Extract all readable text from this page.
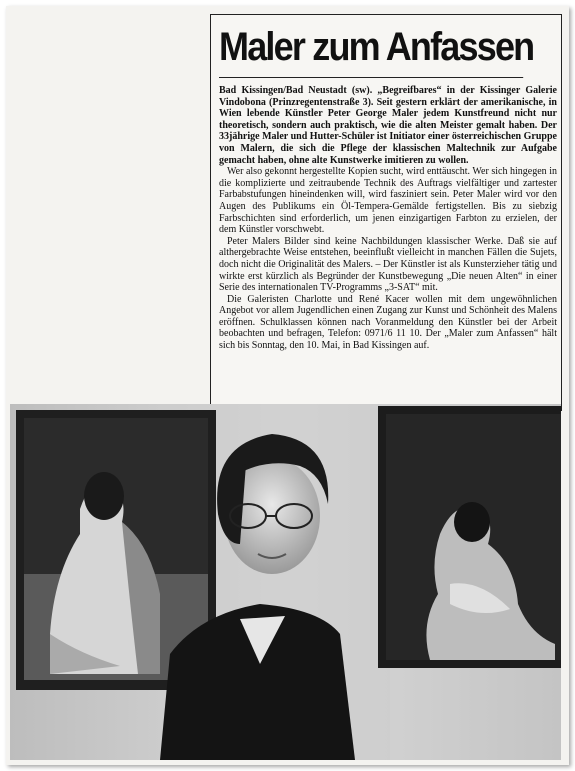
Maler zum Anfassen

Bad Kissingen/Bad Neustadt (sw). „Begreifbares“ in der Kissinger Galerie Vindobona (Prinzregentenstraße 3). Seit gestern erklärt der amerikanische, in Wien lebende Künstler Peter George Maler jedem Kunstfreund nicht nur theoretisch, sondern auch praktisch, wie die alten Meister gemalt haben. Der 33jährige Maler und Hutter-Schüler ist Initiator einer österreichischen Gruppe von Malern, die sich die Pflege der klassischen Maltechnik zur Aufgabe gemacht haben, ohne alte Kunstwerke imitieren zu wollen.

Wer also gekonnt hergestellte Kopien sucht, wird enttäuscht. Wer sich hingegen in die komplizierte und zeitraubende Technik des Auftrags vielfältiger und zartester Farbabstufungen hineindenken will, wird fasziniert sein. Peter Maler wird vor den Augen des Publikums ein Öl-Tempera-Gemälde fertigstellen. Bis zu siebzig Farbschichten sind erforderlich, um jenen einzigartigen Farbton zu erzielen, der dem Künstler vorschwebt.

Peter Malers Bilder sind keine Nachbildungen klassischer Werke. Daß sie auf althergebrachte Weise entstehen, beeinflußt vielleicht in manchen Fällen die Sujets, doch nicht die Originalität des Malers. – Der Künstler ist als Kunsterzieher tätig und wirkte erst kürzlich als Begründer der Kunstbewegung „Die neuen Alten“ in einer Serie des internationalen TV-Programms „3-SAT“ mit.

Die Galeristen Charlotte und René Kacer wollen mit dem ungewöhnlichen Angebot vor allem Jugendlichen einen Zugang zur Kunst und Schönheit des Malens eröffnen. Schulklassen können nach Voranmeldung den Künstler bei der Arbeit beobachten und befragen, Telefon: 0971/6 11 10. Der „Maler zum Anfassen“ hält sich bis Sonntag, den 10. Mai, in Bad Kissingen auf.
